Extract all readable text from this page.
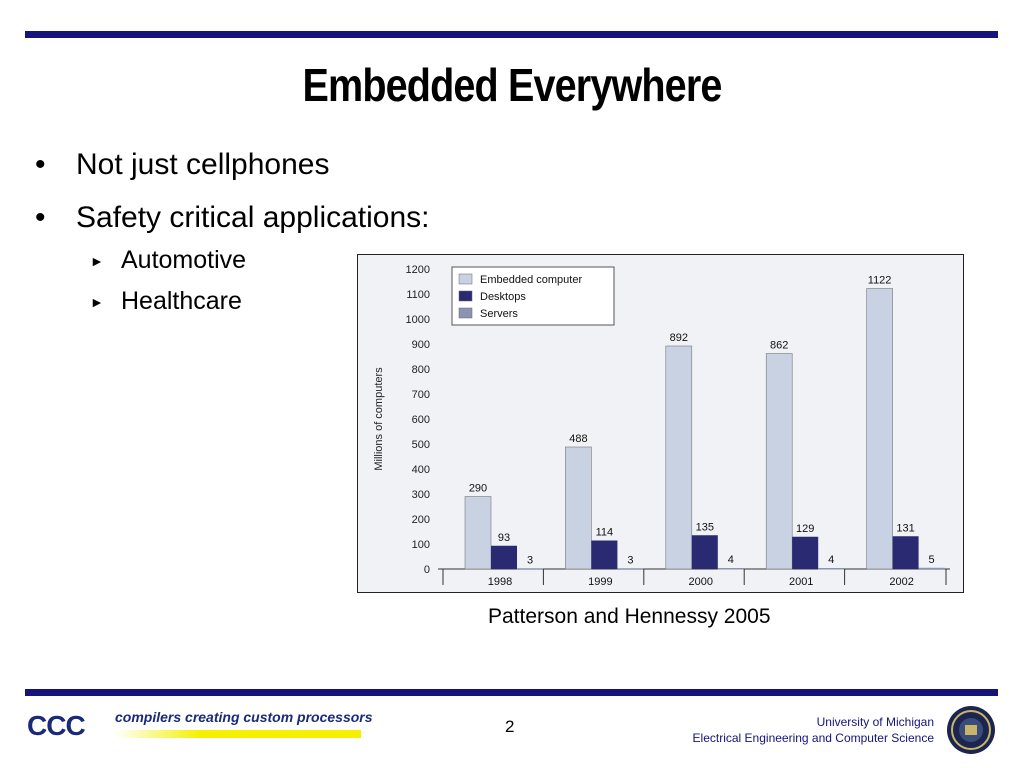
Embedded Everywhere
• Not just cellphones
• Safety critical applications:
► Automotive
► Healthcare
0
100
200
300
400
500
600
700
800
900
1000
1100
1200
Millions of computers
290
93
3
1998
488
114
3
1999
892
135
4
2000
862
129
4
2001
1122
131
5
2002
Embedded computer
Desktops
Servers
Patterson and Hennessy 2005
CCC compilers creating custom processors	2	University of Michigan
Electrical Engineering and Computer Science
